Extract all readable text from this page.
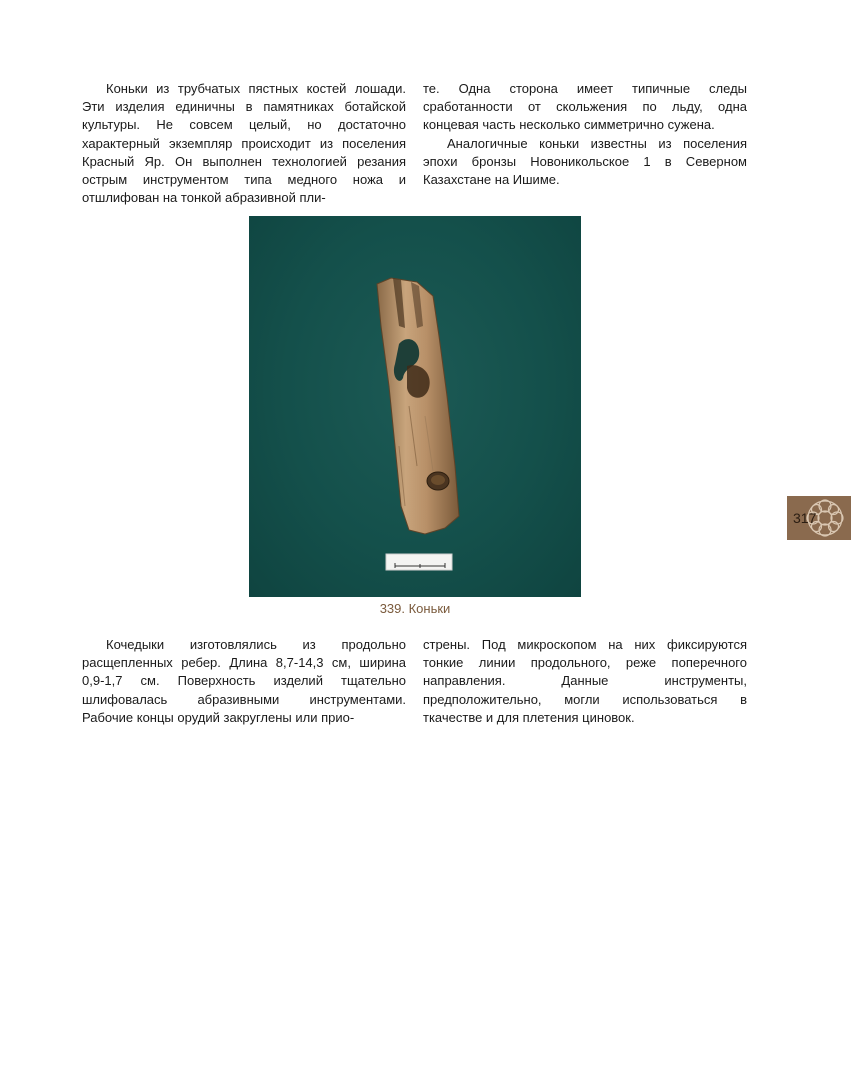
Коньки из трубчатых пястных костей лошади. Эти изделия единичны в памятниках ботайской культуры. Не совсем целый, но достаточно характерный экземпляр происходит из поселения Красный Яр. Он выполнен технологией резания острым инструментом типа медного ножа и отшлифован на тонкой абразивной пли-

те. Одна сторона имеет типичные следы сработанности от скольжения по льду, одна концевая часть несколько симметрично сужена.

Аналогичные коньки известны из поселения эпохи бронзы Новоникольское 1 в Северном Казахстане на Ишиме.

339. Коньки

Кочедыки изготовлялись из продольно расщепленных ребер. Длина 8,7-14,3 см, ширина 0,9-1,7 см. Поверхность изделий тщательно шлифовалась абразивными инструментами. Рабочие концы орудий закруглены или прио-

стрены. Под микроскопом на них фиксируются тонкие линии продольного, реже поперечного направления. Данные инструменты, предположительно, могли использоваться в ткачестве и для плетения циновок.

317
